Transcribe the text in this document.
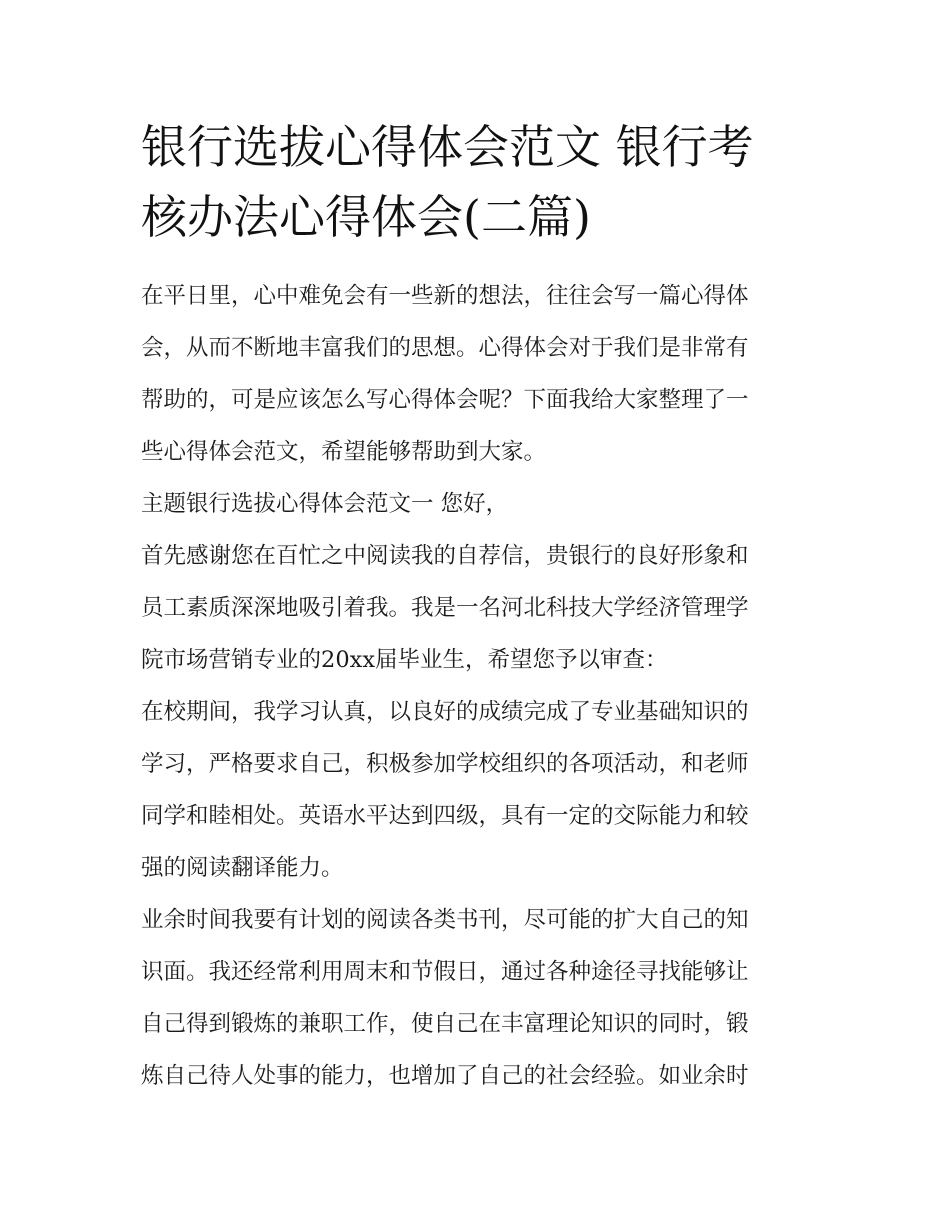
银行选拔心得体会范文 银行考
核办法心得体会(二篇)

在平日里，心中难免会有一些新的想法，往往会写一篇心得体
会，从而不断地丰富我们的思想。心得体会对于我们是非常有
帮助的，可是应该怎么写心得体会呢？下面我给大家整理了一
些心得体会范文，希望能够帮助到大家。

主题银行选拔心得体会范文一 您好，

首先感谢您在百忙之中阅读我的自荐信，贵银行的良好形象和
员工素质深深地吸引着我。我是一名河北科技大学经济管理学
院市场营销专业的20xx届毕业生，希望您予以审查：

在校期间，我学习认真，以良好的成绩完成了专业基础知识的
学习，严格要求自己，积极参加学校组织的各项活动，和老师
同学和睦相处。英语水平达到四级，具有一定的交际能力和较
强的阅读翻译能力。

业余时间我要有计划的阅读各类书刊，尽可能的扩大自己的知
识面。我还经常利用周末和节假日，通过各种途径寻找能够让
自己得到锻炼的兼职工作，使自己在丰富理论知识的同时，锻
炼自己待人处事的能力，也增加了自己的社会经验。如业余时
